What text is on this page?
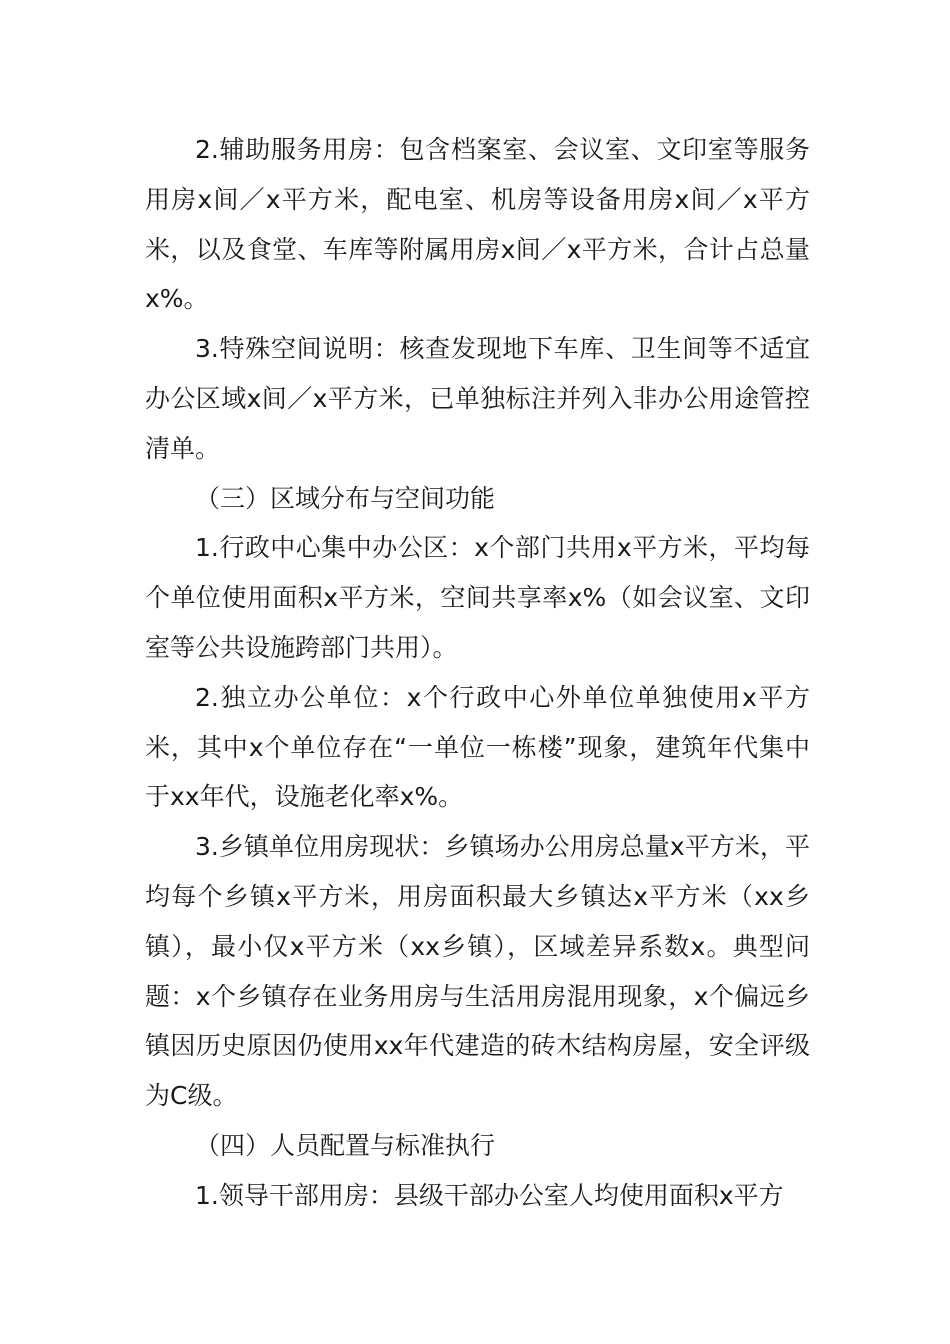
2.辅助服务用房：包含档案室、会议室、文印室等服务用房x间／x平方米，配电室、机房等设备用房x间／x平方米，以及食堂、车库等附属用房x间／x平方米，合计占总量x%。

3.特殊空间说明：核查发现地下车库、卫生间等不适宜办公区域x间／x平方米，已单独标注并列入非办公用途管控清单。

（三）区域分布与空间功能

1.行政中心集中办公区：x个部门共用x平方米，平均每个单位使用面积x平方米，空间共享率x%（如会议室、文印室等公共设施跨部门共用）。

2.独立办公单位：x个行政中心外单位单独使用x平方米，其中x个单位存在“一单位一栋楼”现象，建筑年代集中于xx年代，设施老化率x%。

3.乡镇单位用房现状：乡镇场办公用房总量x平方米，平均每个乡镇x平方米，用房面积最大乡镇达x平方米（xx乡镇），最小仅x平方米（xx乡镇），区域差异系数x。典型问题：x个乡镇存在业务用房与生活用房混用现象，x个偏远乡镇因历史原因仍使用xx年代建造的砖木结构房屋，安全评级为C级。

（四）人员配置与标准执行

1.领导干部用房：县级干部办公室人均使用面积x平方
